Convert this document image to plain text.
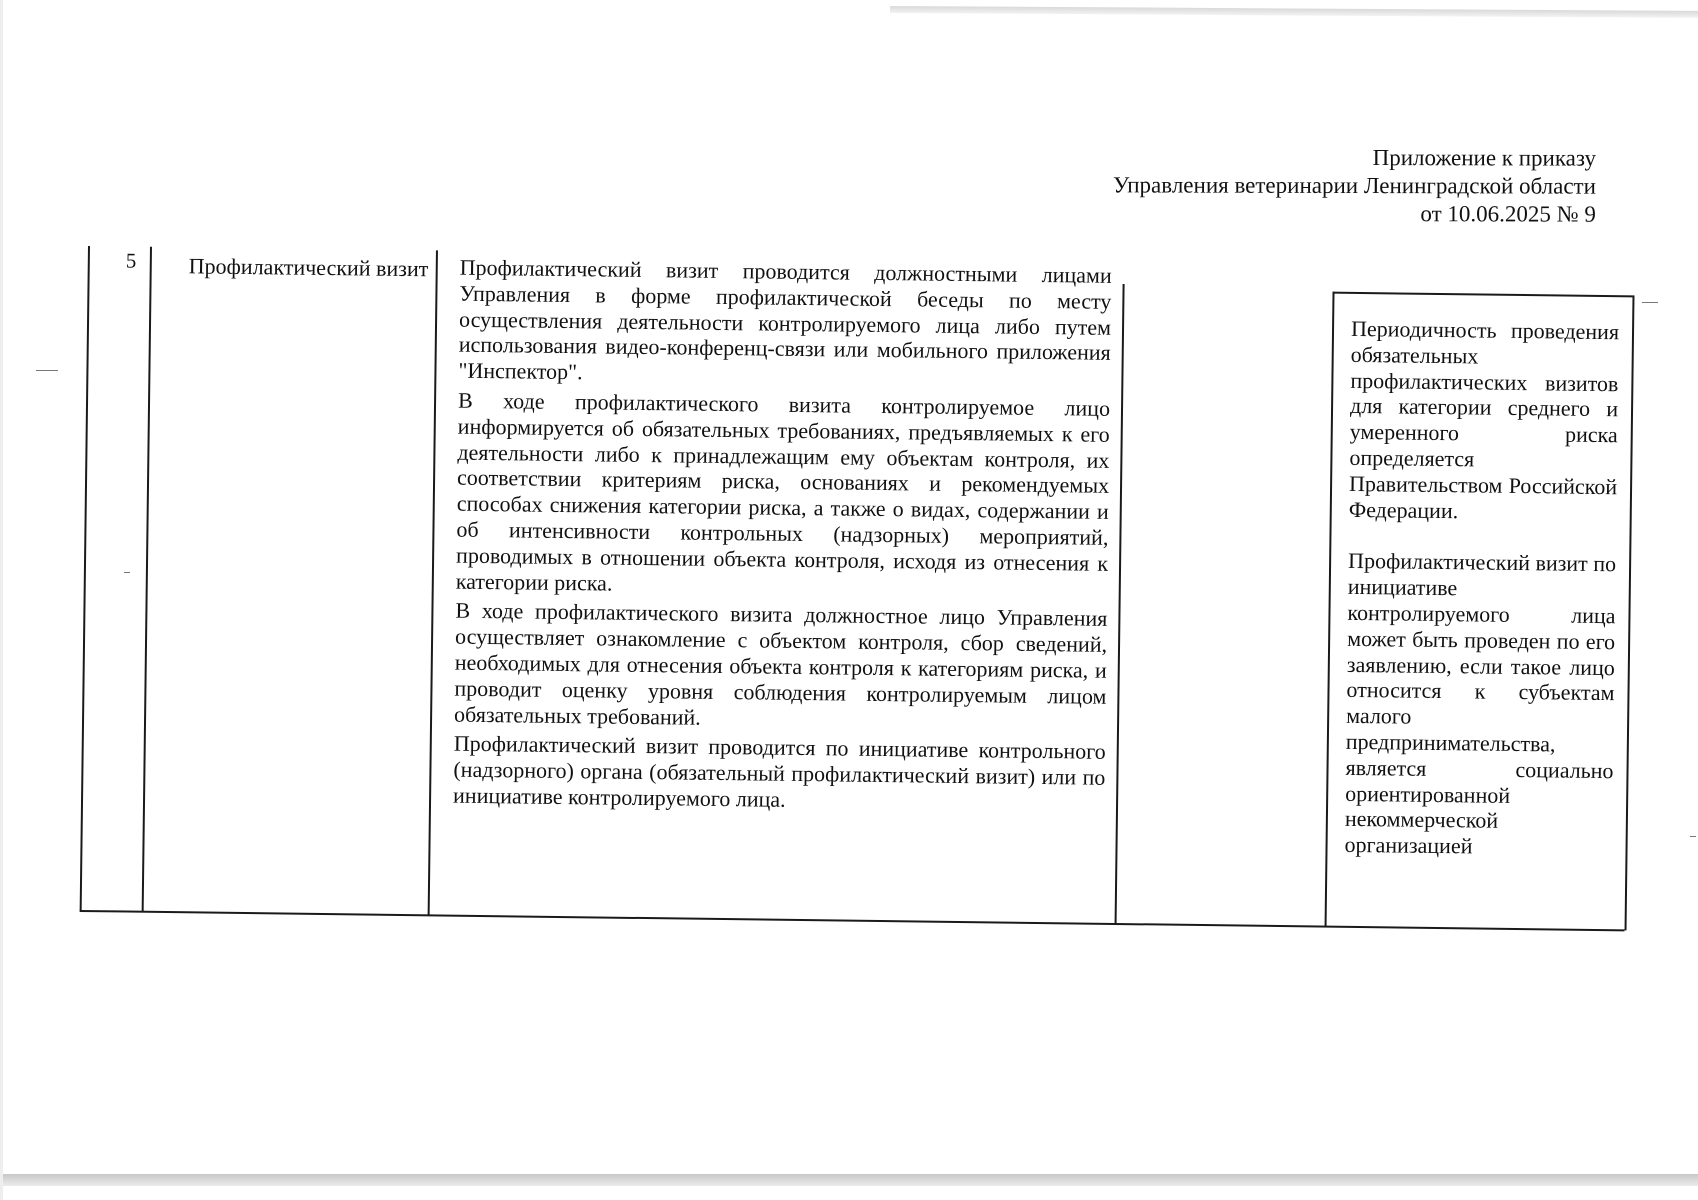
Приложение к приказу
Управления ветеринарии Ленинградской области
от 10.06.2025 № 9
5 Профилактический визит Профилактический визит проводится должностными лицами Управления в форме профилактической беседы по месту осуществления деятельности контролируемого лица либо путем использования видео-конференц-связи или мобильного приложения "Инспектор".

В ходе профилактического визита контролируемое лицо информируется об обязательных требованиях, предъявляемых к его деятельности либо к принадлежащим ему объектам контроля, их соответствии критериям риска, основаниях и рекомендуемых способах снижения категории риска, а также о видах, содержании и об интенсивности контрольных (надзорных) мероприятий, проводимых в отношении объекта контроля, исходя из отнесения к категории риска.

В ходе профилактического визита должностное лицо Управления осуществляет ознакомление с объектом контроля, сбор сведений, необходимых для отнесения объекта контроля к категориям риска, и проводит оценку уровня соблюдения контролируемым лицом обязательных требований.

Профилактический визит проводится по инициативе контрольного (надзорного) органа (обязательный профилактический визит) или по инициативе контролируемого лица.

Периодичность проведения обязательных профилактических визитов для категории среднего и умеренного риска определяется Правительством Российской Федерации.

Профилактический визит по инициативе контролируемого лица может быть проведен по его заявлению, если такое лицо относится к субъектам малого предпринимательства, является социально ориентированной некоммерческой организацией
